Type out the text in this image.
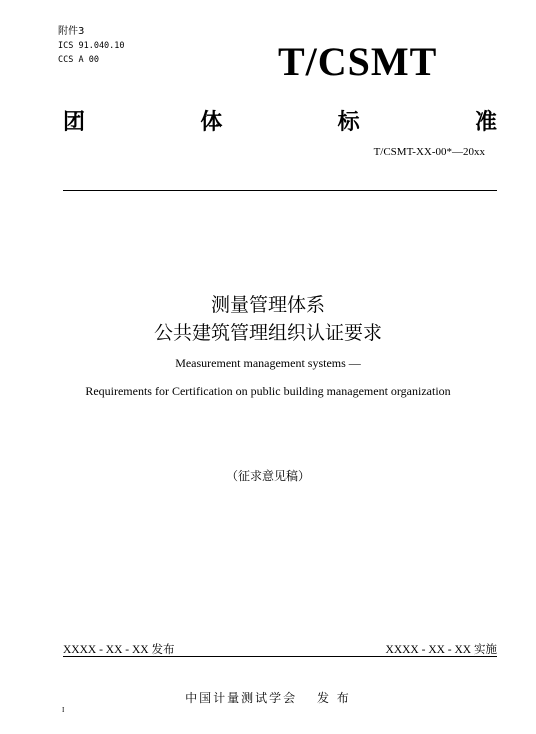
附件3
ICS 91.040.10
CCS A 00	T/CSMT
团	体	标	准
T/CSMT-XX-00*—20xx
测量管理体系
公共建筑管理组织认证要求
Measurement management systems —
Requirements for Certification on public building management organization
（征求意见稿）
XXXX - XX - XX 发布	XXXX - XX - XX 实施
中国计量测试学会　 发 布
I
